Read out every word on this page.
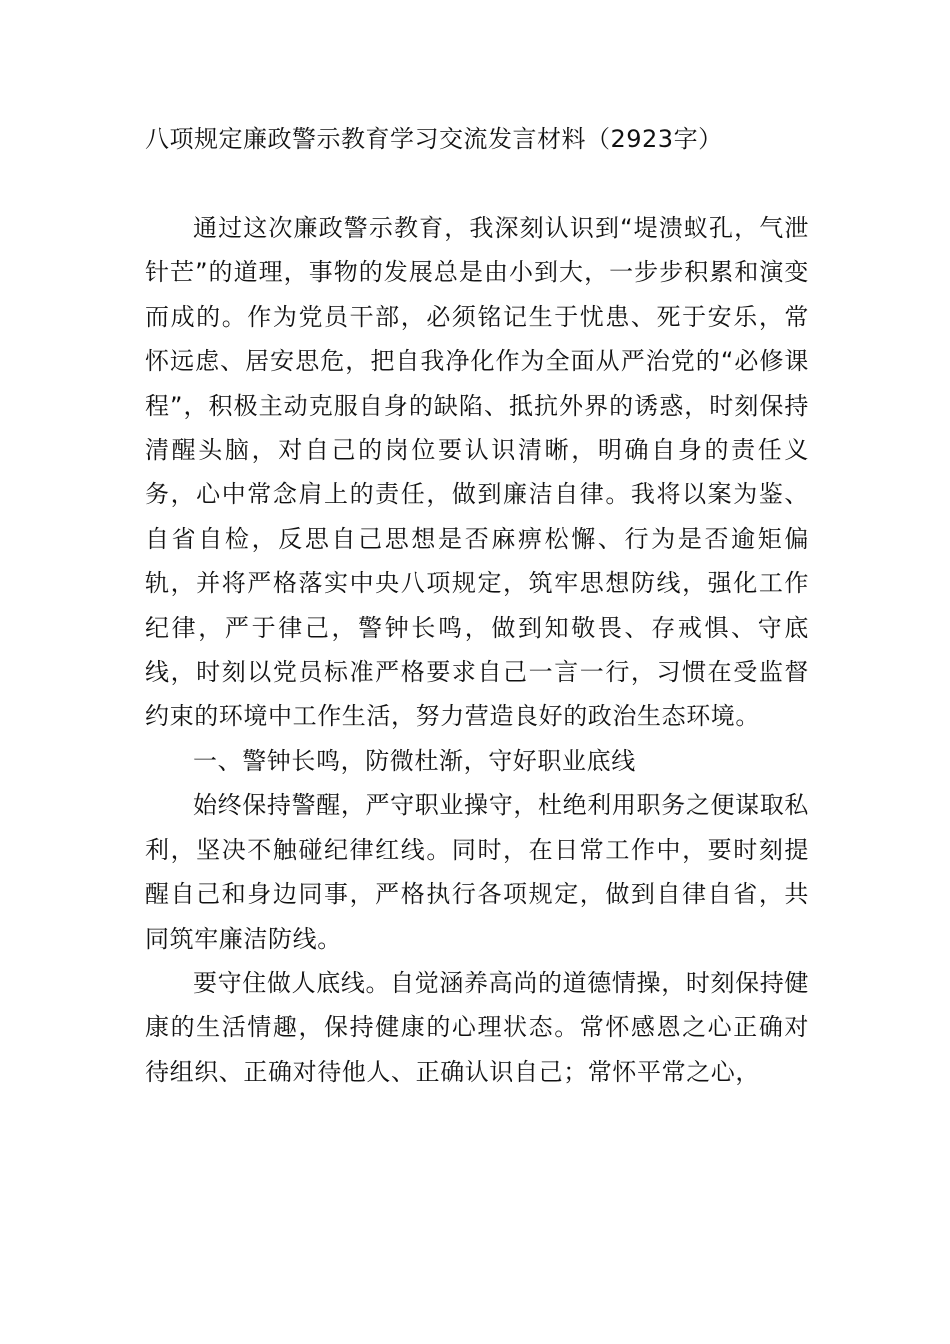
八项规定廉政警示教育学习交流发言材料（2923字）

通过这次廉政警示教育，我深刻认识到“堤溃蚁孔，气泄针芒”的道理，事物的发展总是由小到大，一步步积累和演变而成的。作为党员干部，必须铭记生于忧患、死于安乐，常怀远虑、居安思危，把自我净化作为全面从严治党的“必修课程”，积极主动克服自身的缺陷、抵抗外界的诱惑，时刻保持清醒头脑，对自己的岗位要认识清晰，明确自身的责任义务，心中常念肩上的责任，做到廉洁自律。我将以案为鉴、自省自检，反思自己思想是否麻痹松懈、行为是否逾矩偏轨，并将严格落实中央八项规定，筑牢思想防线，强化工作纪律，严于律己，警钟长鸣，做到知敬畏、存戒惧、守底线，时刻以党员标准严格要求自己一言一行，习惯在受监督约束的环境中工作生活，努力营造良好的政治生态环境。

一、警钟长鸣，防微杜渐，守好职业底线

始终保持警醒，严守职业操守，杜绝利用职务之便谋取私利，坚决不触碰纪律红线。同时，在日常工作中，要时刻提醒自己和身边同事，严格执行各项规定，做到自律自省，共同筑牢廉洁防线。

要守住做人底线。自觉涵养高尚的道德情操，时刻保持健康的生活情趣，保持健康的心理状态。常怀感恩之心正确对待组织、正确对待他人、正确认识自己；常怀平常之心，
